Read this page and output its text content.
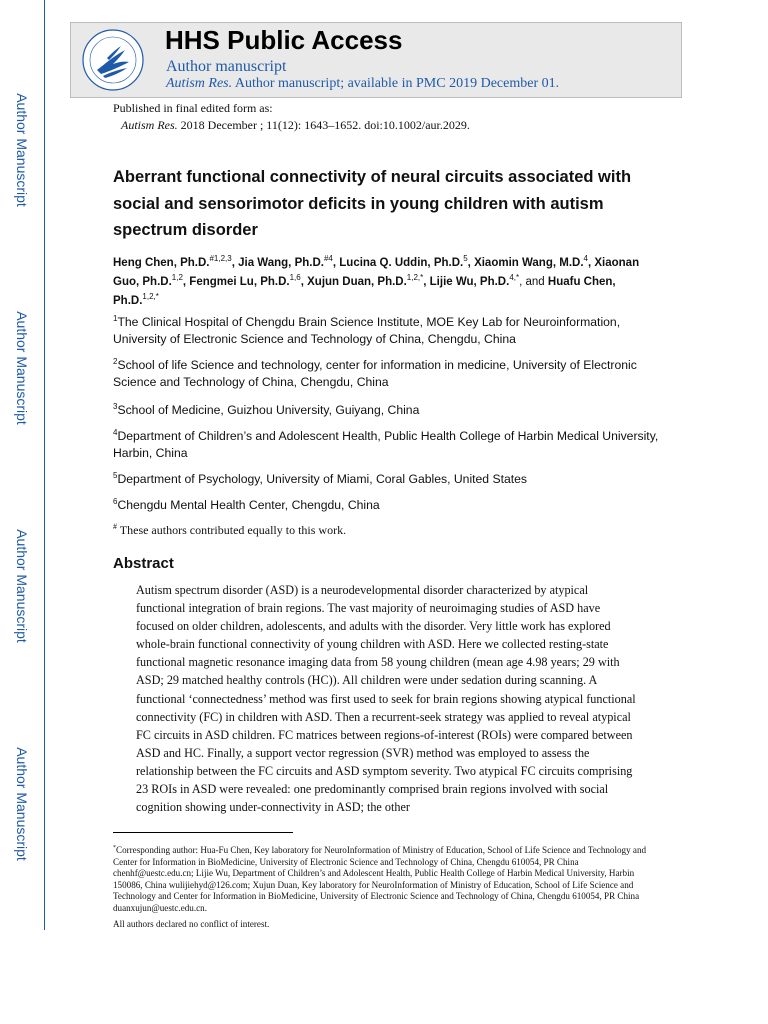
Author Manuscript
Author Manuscript
Author Manuscript
Author Manuscript
HHS Public Access
Author manuscript
Autism Res. Author manuscript; available in PMC 2019 December 01.
Published in final edited form as:
Autism Res. 2018 December ; 11(12): 1643–1652. doi:10.1002/aur.2029.
Aberrant functional connectivity of neural circuits associated with social and sensorimotor deficits in young children with autism spectrum disorder
Heng Chen, Ph.D.$^{\#1,2,3}$, Jia Wang, Ph.D.$^{\#4}$, Lucina Q. Uddin, Ph.D.$^5$, Xiaomin Wang, M.D.$^4$, Xiaonan Guo, Ph.D.$^{1,2}$, Fengmei Lu, Ph.D.$^{1,6}$, Xujun Duan, Ph.D.$^{1,2,*}$, Lijie Wu, Ph.D.$^{4,*}$, and Huafu Chen, Ph.D.$^{1,2,*}$
$^1$The Clinical Hospital of Chengdu Brain Science Institute, MOE Key Lab for Neuroinformation, University of Electronic Science and Technology of China, Chengdu, China
$^2$School of life Science and technology, center for information in medicine, University of Electronic Science and Technology of China, Chengdu, China
$^3$School of Medicine, Guizhou University, Guiyang, China
$^4$Department of Children’s and Adolescent Health, Public Health College of Harbin Medical University, Harbin, China
$^5$Department of Psychology, University of Miami, Coral Gables, United States
$^6$Chengdu Mental Health Center, Chengdu, China
# These authors contributed equally to this work.
Abstract
Autism spectrum disorder (ASD) is a neurodevelopmental disorder characterized by atypical functional integration of brain regions. The vast majority of neuroimaging studies of ASD have focused on older children, adolescents, and adults with the disorder. Very little work has explored whole-brain functional connectivity of young children with ASD. Here we collected resting-state functional magnetic resonance imaging data from 58 young children (mean age 4.98 years; 29 with ASD; 29 matched healthy controls (HC)). All children were under sedation during scanning. A functional ‘connectedness’ method was first used to seek for brain regions showing atypical functional connectivity (FC) in children with ASD. Then a recurrent-seek strategy was applied to reveal atypical FC circuits in ASD children. FC matrices between regions-of-interest (ROIs) were compared between ASD and HC. Finally, a support vector regression (SVR) method was employed to assess the relationship between the FC circuits and ASD symptom severity. Two atypical FC circuits comprising 23 ROIs in ASD were revealed: one predominantly comprised brain regions involved with social cognition showing under-connectivity in ASD; the other
*Corresponding author: Hua-Fu Chen, Key laboratory for NeuroInformation of Ministry of Education, School of Life Science and Technology and Center for Information in BioMedicine, University of Electronic Science and Technology of China, Chengdu 610054, PR China chenhf@uestc.edu.cn; Lijie Wu, Department of Children’s and Adolescent Health, Public Health College of Harbin Medical University, Harbin 150086, China wulijiehyd@126.com; Xujun Duan, Key laboratory for NeuroInformation of Ministry of Education, School of Life Science and Technology and Center for Information in BioMedicine, University of Electronic Science and Technology of China, Chengdu 610054, PR China duanxujun@uestc.edu.cn.
All authors declared no conflict of interest.
